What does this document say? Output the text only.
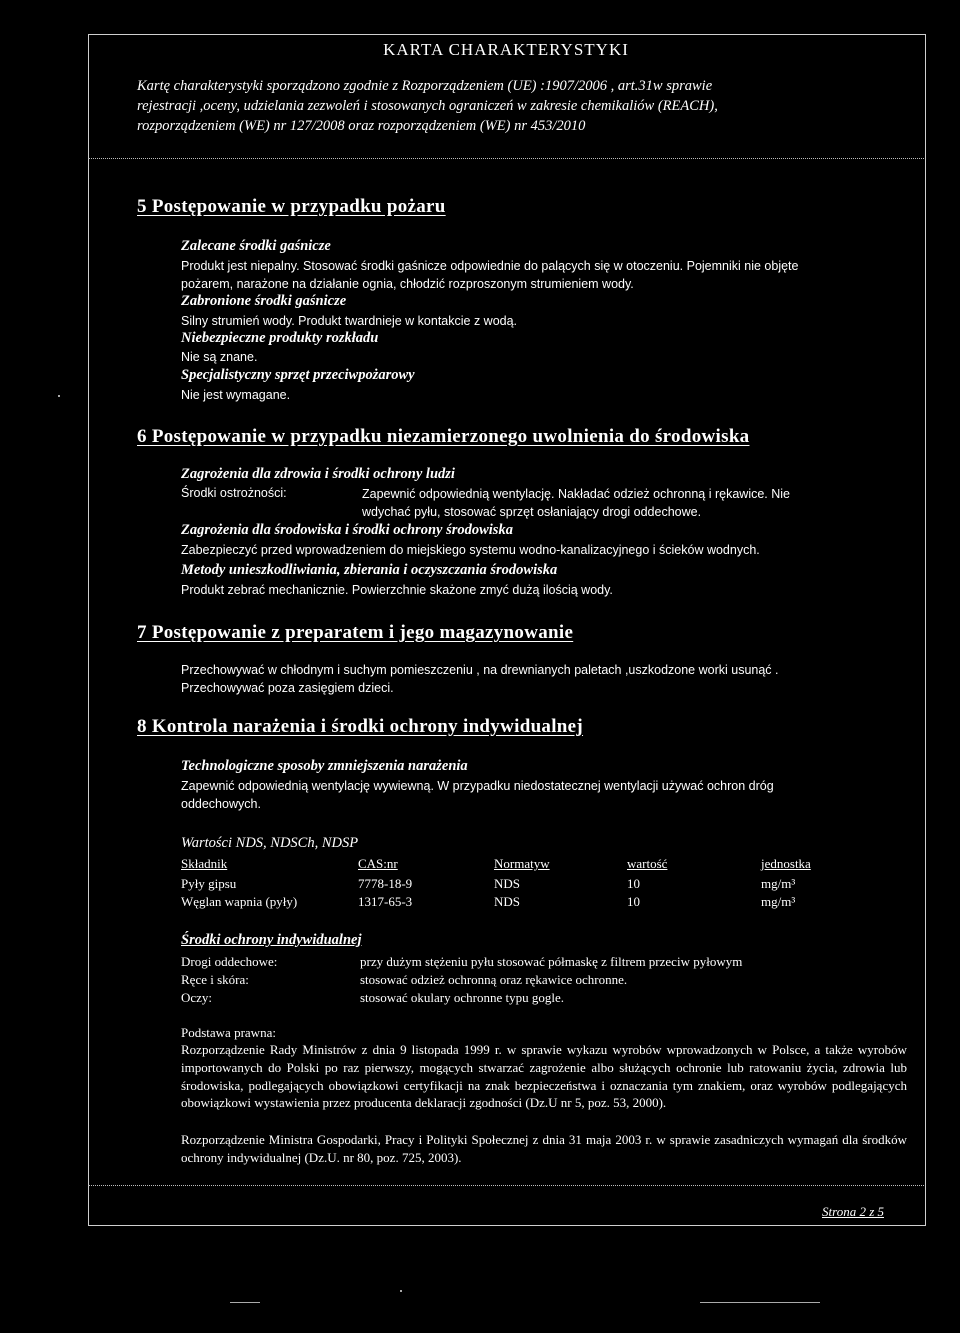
KARTA CHARAKTERYSTYKI
Kartę charakterystyki sporządzono zgodnie z Rozporządzeniem (UE) :1907/2006 , art.31w sprawie
rejestracji ,oceny, udzielania zezwoleń i stosowanych ograniczeń w zakresie chemikaliów (REACH),
rozporządzeniem (WE) nr 127/2008 oraz rozporządzeniem (WE) nr 453/2010
5 Postępowanie w przypadku pożaru
Zalecane środki gaśnicze
Produkt jest niepalny. Stosować środki gaśnicze odpowiednie do palących się w otoczeniu. Pojemniki nie objęte
pożarem, narażone na działanie ognia, chłodzić rozproszonym strumieniem wody.
Zabronione środki gaśnicze
Silny strumień wody. Produkt twardnieje w kontakcie z wodą.
Niebezpieczne produkty rozkładu
Nie są znane.
Specjalistyczny sprzęt przeciwpożarowy
Nie jest wymagane.
6 Postępowanie w przypadku niezamierzonego uwolnienia do środowiska
Zagrożenia dla zdrowia i środki ochrony ludzi
Środki ostrożności:	Zapewnić odpowiednią wentylację. Nakładać odzież ochronną i rękawice. Nie
wdychać pyłu, stosować sprzęt osłaniający drogi oddechowe.
Zagrożenia dla środowiska i środki ochrony środowiska
Zabezpieczyć przed wprowadzeniem do miejskiego systemu wodno-kanalizacyjnego i ścieków wodnych.
Metody unieszkodliwiania, zbierania i oczyszczania środowiska
Produkt zebrać mechanicznie. Powierzchnie skażone zmyć dużą ilością wody.
7 Postępowanie z preparatem i jego magazynowanie
Przechowywać w chłodnym i suchym pomieszczeniu , na drewnianych paletach ,uszkodzone worki usunąć .
Przechowywać poza zasięgiem dzieci.
8 Kontrola narażenia i środki ochrony indywidualnej
Technologiczne sposoby zmniejszenia narażenia
Zapewnić odpowiednią wentylację wywiewną. W przypadku niedostatecznej wentylacji używać ochron dróg
oddechowych.
Wartości NDS, NDSCh, NDSP
Składnik	CAS:nr	Normatyw	wartość	jednostka
Pyły gipsu	7778-18-9	NDS	10	mg/m³
Węglan wapnia (pyły)	1317-65-3	NDS	10	mg/m³
Środki ochrony indywidualnej
Drogi oddechowe:	przy dużym stężeniu pyłu stosować półmaskę z filtrem przeciw pyłowym
Ręce i skóra:	stosować odzież ochronną oraz rękawice ochronne.
Oczy:	stosować okulary ochronne typu gogle.
Podstawa prawna:
Rozporządzenie Rady Ministrów z dnia 9 listopada 1999 r. w sprawie wykazu wyrobów wprowadzonych w Polsce, a także wyrobów importowanych do Polski po raz pierwszy, mogących stwarzać zagrożenie albo służących ochronie lub ratowaniu życia, zdrowia lub środowiska, podlegających obowiązkowi certyfikacji na znak bezpieczeństwa i oznaczania tym znakiem, oraz wyrobów podlegających obowiązkowi wystawienia przez producenta deklaracji zgodności (Dz.U nr 5, poz. 53, 2000).
Rozporządzenie Ministra Gospodarki, Pracy i Polityki Społecznej z dnia 31 maja 2003 r. w sprawie zasadniczych wymagań dla środków ochrony indywidualnej (Dz.U. nr 80, poz. 725, 2003).
Strona 2 z 5
